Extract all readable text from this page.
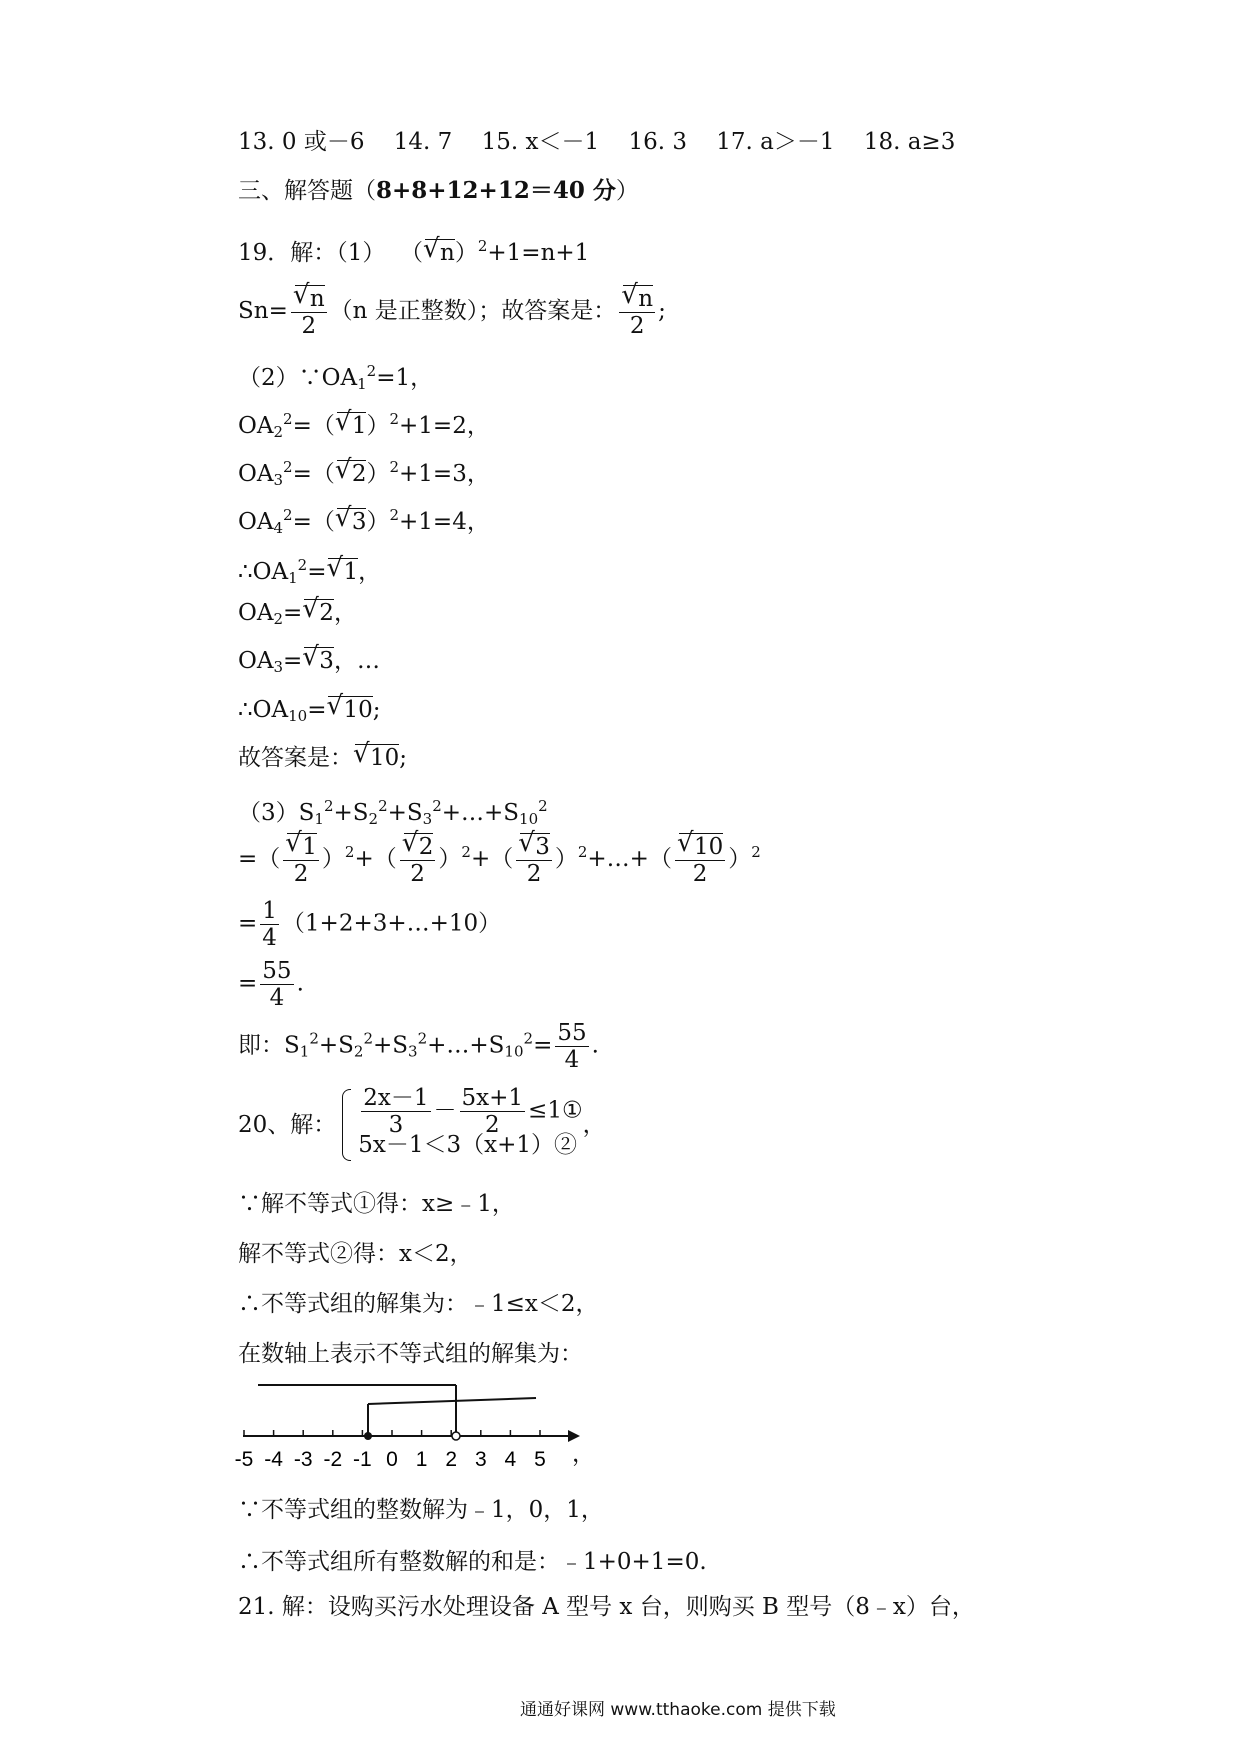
13. 0 或－6 14. 7 15. x＜－1 16. 3 17. a＞－1 18. a≥3
三、解答题（8+8+12+12＝40 分）
19．解：（1）  （√ n）$^2$+1=n+1
Sn=
√ $\frac{n}{2} (n$ 是正整数）；故答案是：
√ $\frac{n}{2}$ ;
$(2)\because OA_1^2=1$，
$OA_2^2=(√$ 1）$^2$+1=2，
$OA_3^2=(√$ 2）$^2$+1=3，
$OA_4^2=(√$ 3）$^2$+1=4，
$\therefore OA_1^2=√$ 1，
$OA_2=√$ 2，
$OA_3=√$ 3，…
$\therefore OA_{10}=√$ 10;
故答案是：√ 10;
$(3)S_1^2+S_2^2+S_3^2+\dots+S_{10}^2$
=（
√ $\frac{1}{2} )^2+$（
√ $\frac{2}{2} )^2+$（
√ $\frac{3}{2}$ ）$^2$+…+（
√ $\frac{10}{2} )^2$
= $\frac{1}{4}$ （1+2+3+…+10）
= $\frac{55}{4}$ .
即：$S_1^2+S_2^2+S_3^2+\dots+S_{10}^2= \frac{55}{4}$ .
20、解： $\frac{2x-1}{3} - \frac{5x+1}{2}$ ≤1①
5x－1＜3（x+1）②
，
∵解不等式①得：x≥﹣1，
解不等式②得：x＜2，
∴不等式组的解集为：﹣1≤x＜2，
在数轴上表示不等式组的解集为：
-5 -4 -3 -2 -1 0 1 2 3 4 5 ，
∵不等式组的整数解为﹣1，0，1，
∴不等式组所有整数解的和是：﹣1+0+1=0.
21. 解：设购买污水处理设备 A 型号 x 台，则购买 B 型号（8﹣x）台，
通通好课网 www.tthaoke.com 提供下载
